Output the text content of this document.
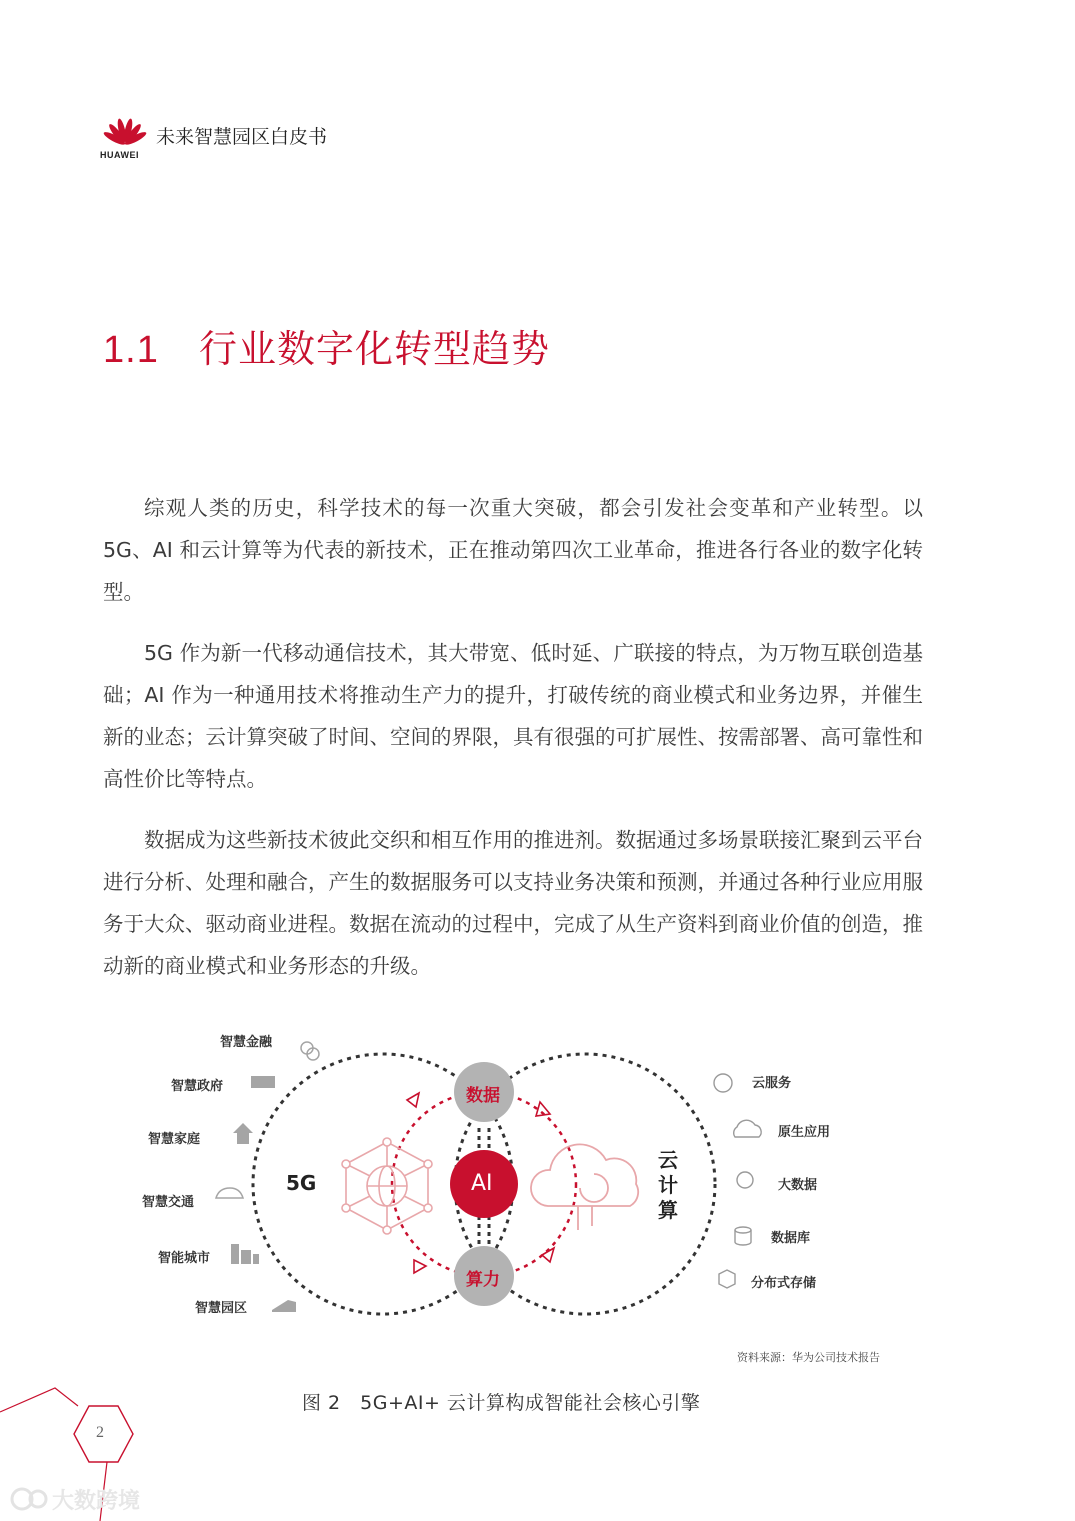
HUAWEI
未来智慧园区白皮书
1.1 行业数字化转型趋势

综观人类的历史，科学技术的每一次重大突破，都会引发社会变革和产业转型。以 5G、AI 和云计算等为代表的新技术，正在推动第四次工业革命，推进各行各业的数字化转型。

5G 作为新一代移动通信技术，其大带宽、低时延、广联接的特点，为万物互联创造基础；AI 作为一种通用技术将推动生产力的提升，打破传统的商业模式和业务边界，并催生新的业态；云计算突破了时间、空间的界限，具有很强的可扩展性、按需部署、高可靠性和高性价比等特点。

数据成为这些新技术彼此交织和相互作用的推进剂。数据通过多场景联接汇聚到云平台进行分析、处理和融合，产生的数据服务可以支持业务决策和预测，并通过各种行业应用服务于大众、驱动商业进程。数据在流动的过程中，完成了从生产资料到商业价值的创造，推动新的商业模式和业务形态的升级。

智慧金融
智慧政府
智慧家庭
智慧交通
智能城市
智慧园区
云服务
原生应用
大数据
数据库
分布式存储
数据
AI
算力
5G
云计算
资料来源：华为公司技术报告
图 2　5G+AI+ 云计算构成智能社会核心引擎
2
大数跨境
